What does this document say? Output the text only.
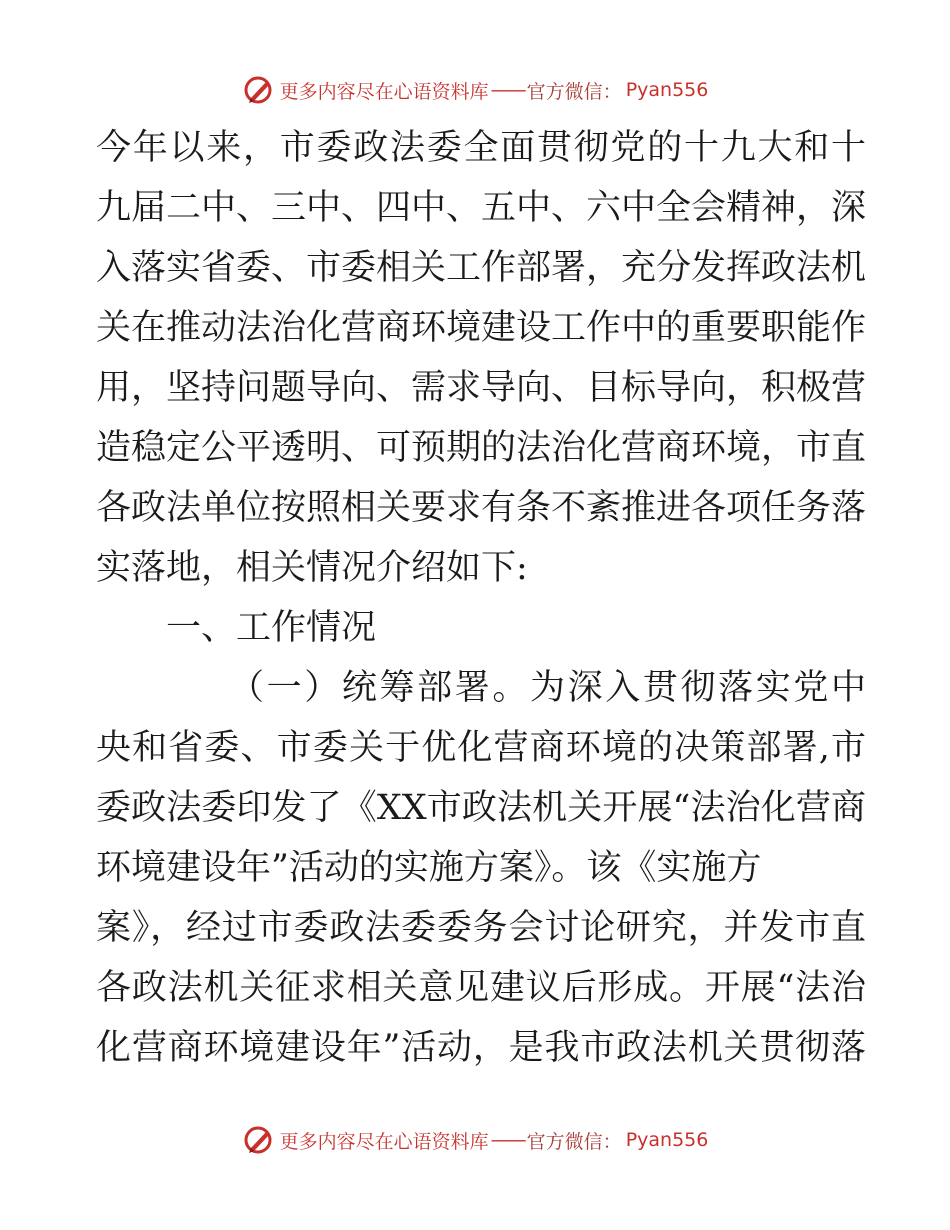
更多内容尽在心语资料库 —— 官方微信： Pyan556
今年以来，市委政法委全面贯彻党的十九大和十
九届二中、三中、四中、五中、六中全会精神，深
入落实省委、市委相关工作部署，充分发挥政法机
关在推动法治化营商环境建设工作中的重要职能作
用，坚持问题导向、需求导向、目标导向，积极营
造稳定公平透明、可预期的法治化营商环境，市直
各政法单位按照相关要求有条不紊推进各项任务落
实落地，相关情况介绍如下:
　　一、工作情况
　　　　（一）统筹部署。为深入贯彻落实党中
央和省委、市委关于优化营商环境的决策部署,市
委政法委印发了《XX市政法机关开展“法治化营商
环境建设年”活动的实施方案》。该《实施方
案》，经过市委政法委委务会讨论研究，并发市直
各政法机关征求相关意见建议后形成。开展“法治
化营商环境建设年”活动，是我市政法机关贯彻落
更多内容尽在心语资料库 —— 官方微信： Pyan556
